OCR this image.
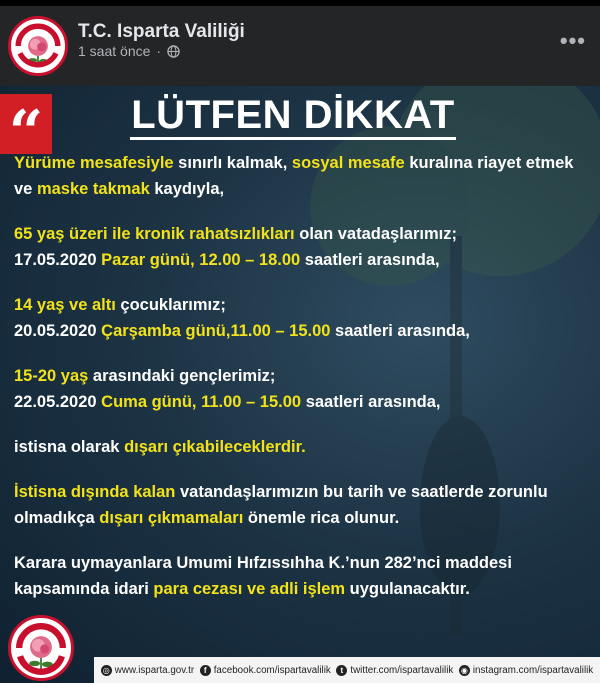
T.C. Isparta Valiliği
1 saat önce ·	•••
“ LÜTFEN DİKKAT
Yürüme mesafesiyle sınırlı kalmak, sosyal mesafe kuralına riayet etmek ve maske takmak kaydıyla,
65 yaş üzeri ile kronik rahatsızlıkları olan vatadaşlarımız;
17.05.2020 Pazar günü, 12.00 – 18.00 saatleri arasında,
14 yaş ve altı çocuklarımız;
20.05.2020 Çarşamba günü,11.00 – 15.00 saatleri arasında,
15-20 yaş arasındaki gençlerimiz;
22.05.2020 Cuma günü, 11.00 – 15.00 saatleri arasında,
istisna olarak dışarı çıkabileceklerdir.
İstisna dışında kalan vatandaşlarımızın bu tarih ve saatlerde zorunlu olmadıkça dışarı çıkmamaları önemle rica olunur.
Karara uymayanlara Umumi Hıfzıssıhha K.’nun 282’nci maddesi kapsamında idari para cezası ve adli işlem uygulanacaktır.
◎ www.isparta.gov.tr	f facebook.com/ispartavalilik	t twitter.com/ispartavalilik ◉ instagram.com/ispartavalilik
